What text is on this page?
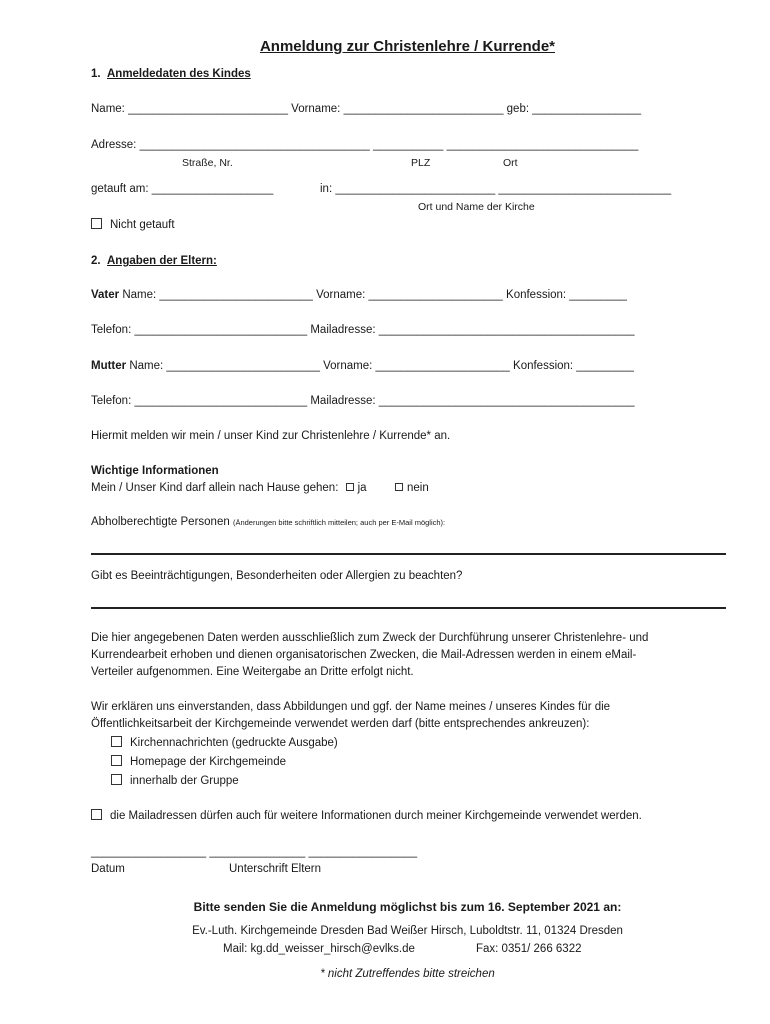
Anmeldung zur Christenlehre / Kurrende*
1. Anmeldedaten des Kindes
Name: _________________________ Vorname: _________________________ geb: _________________
Adresse: ____________________________________ ___________ ______________________________
Straße, Nr.	PLZ	Ort
getauft am: ___________________	in: _________________________ ___________________________
Ort und Name der Kirche
Nicht getauft
2. Angaben der Eltern:
Vater Name: ________________________ Vorname: _____________________ Konfession: _________
Telefon: ___________________________ Mailadresse: ________________________________________
Mutter Name: ________________________ Vorname: _____________________ Konfession: _________
Telefon: ___________________________ Mailadresse: ________________________________________
Hiermit melden wir mein / unser Kind zur Christenlehre / Kurrende* an.
Wichtige Informationen
Mein / Unser Kind darf allein nach Hause gehen: ja	nein
Abholberechtigte Personen (Änderungen bitte schriftlich mitteilen; auch per E-Mail möglich):
Gibt es Beeinträchtigungen, Besonderheiten oder Allergien zu beachten?
Die hier angegebenen Daten werden ausschließlich zum Zweck der Durchführung unserer Christenlehre- und
Kurrendearbeit erhoben und dienen organisatorischen Zwecken, die Mail-Adressen werden in einem eMail-
Verteiler aufgenommen. Eine Weitergabe an Dritte erfolgt nicht.
Wir erklären uns einverstanden, dass Abbildungen und ggf. der Name meines / unseres Kindes für die
Öffentlichkeitsarbeit der Kirchgemeinde verwendet werden darf (bitte entsprechendes ankreuzen):
Kirchennachrichten (gedruckte Ausgabe)
Homepage der Kirchgemeinde
innerhalb der Gruppe
die Mailadressen dürfen auch für weitere Informationen durch meiner Kirchgemeinde verwendet werden.
__________________ _______________ _________________
Datum	Unterschrift Eltern
Bitte senden Sie die Anmeldung möglichst bis zum 16. September 2021 an:
Ev.-Luth. Kirchgemeinde Dresden Bad Weißer Hirsch, Luboldtstr. 11, 01324 Dresden
Mail: kg.dd_weisser_hirsch@evlks.de	Fax: 0351/ 266 6322
* nicht Zutreffendes bitte streichen
